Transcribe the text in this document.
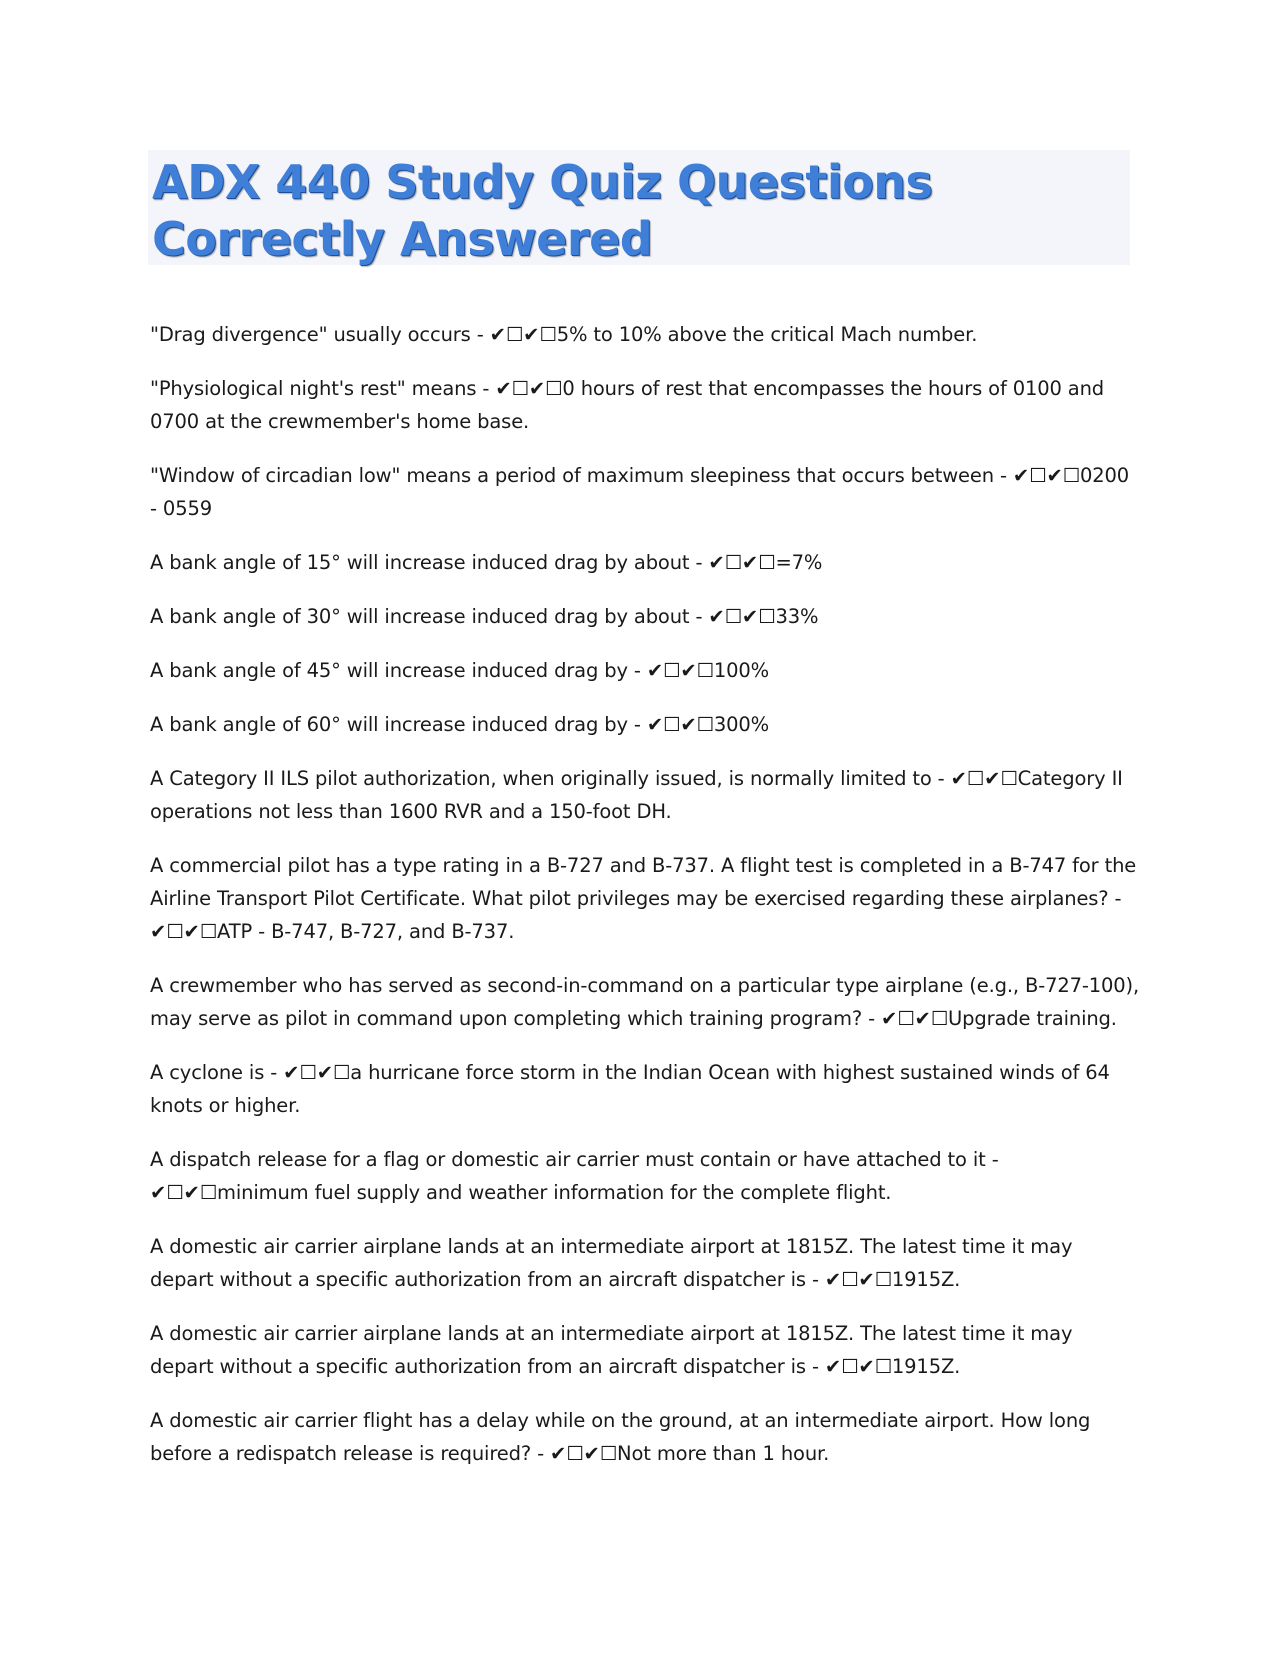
ADX 440 Study Quiz Questions Correctly Answered

"Drag divergence" usually occurs - ✔☐✔☐5% to 10% above the critical Mach number.

"Physiological night's rest" means - ✔☐✔☐0 hours of rest that encompasses the hours of 0100 and 0700 at the crewmember's home base.

"Window of circadian low" means a period of maximum sleepiness that occurs between - ✔☐✔☐0200 - 0559

A bank angle of 15° will increase induced drag by about - ✔☐✔☐=7%

A bank angle of 30° will increase induced drag by about - ✔☐✔☐33%

A bank angle of 45° will increase induced drag by - ✔☐✔☐100%

A bank angle of 60° will increase induced drag by - ✔☐✔☐300%

A Category II ILS pilot authorization, when originally issued, is normally limited to - ✔☐✔☐Category II operations not less than 1600 RVR and a 150-foot DH.

A commercial pilot has a type rating in a B-727 and B-737. A flight test is completed in a B-747 for the Airline Transport Pilot Certificate. What pilot privileges may be exercised regarding these airplanes? - ✔☐✔☐ATP - B-747, B-727, and B-737.

A crewmember who has served as second-in-command on a particular type airplane (e.g., B-727-100), may serve as pilot in command upon completing which training program? - ✔☐✔☐Upgrade training.

A cyclone is - ✔☐✔☐a hurricane force storm in the Indian Ocean with highest sustained winds of 64 knots or higher.

A dispatch release for a flag or domestic air carrier must contain or have attached to it - ✔☐✔☐minimum fuel supply and weather information for the complete flight.

A domestic air carrier airplane lands at an intermediate airport at 1815Z. The latest time it may depart without a specific authorization from an aircraft dispatcher is - ✔☐✔☐1915Z.

A domestic air carrier airplane lands at an intermediate airport at 1815Z. The latest time it may depart without a specific authorization from an aircraft dispatcher is - ✔☐✔☐1915Z.

A domestic air carrier flight has a delay while on the ground, at an intermediate airport. How long before a redispatch release is required? - ✔☐✔☐Not more than 1 hour.
